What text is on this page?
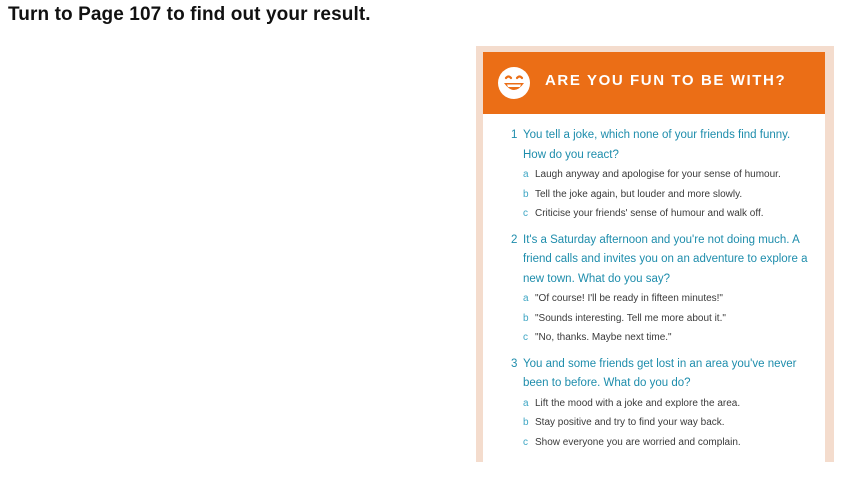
Turn to Page 107 to find out your result.

ARE YOU FUN TO BE WITH?
1 You tell a joke, which none of your friends find funny. How do you react?
a Laugh anyway and apologise for your sense of humour.
b Tell the joke again, but louder and more slowly.
c Criticise your friends' sense of humour and walk off.
2 It's a Saturday afternoon and you're not doing much. A friend calls and invites you on an adventure to explore a new town. What do you say?
a "Of course! I'll be ready in fifteen minutes!"
b "Sounds interesting. Tell me more about it."
c "No, thanks. Maybe next time."
3 You and some friends get lost in an area you've never been to before. What do you do?
a Lift the mood with a joke and explore the area.
b Stay positive and try to find your way back.
c Show everyone you are worried and complain.
